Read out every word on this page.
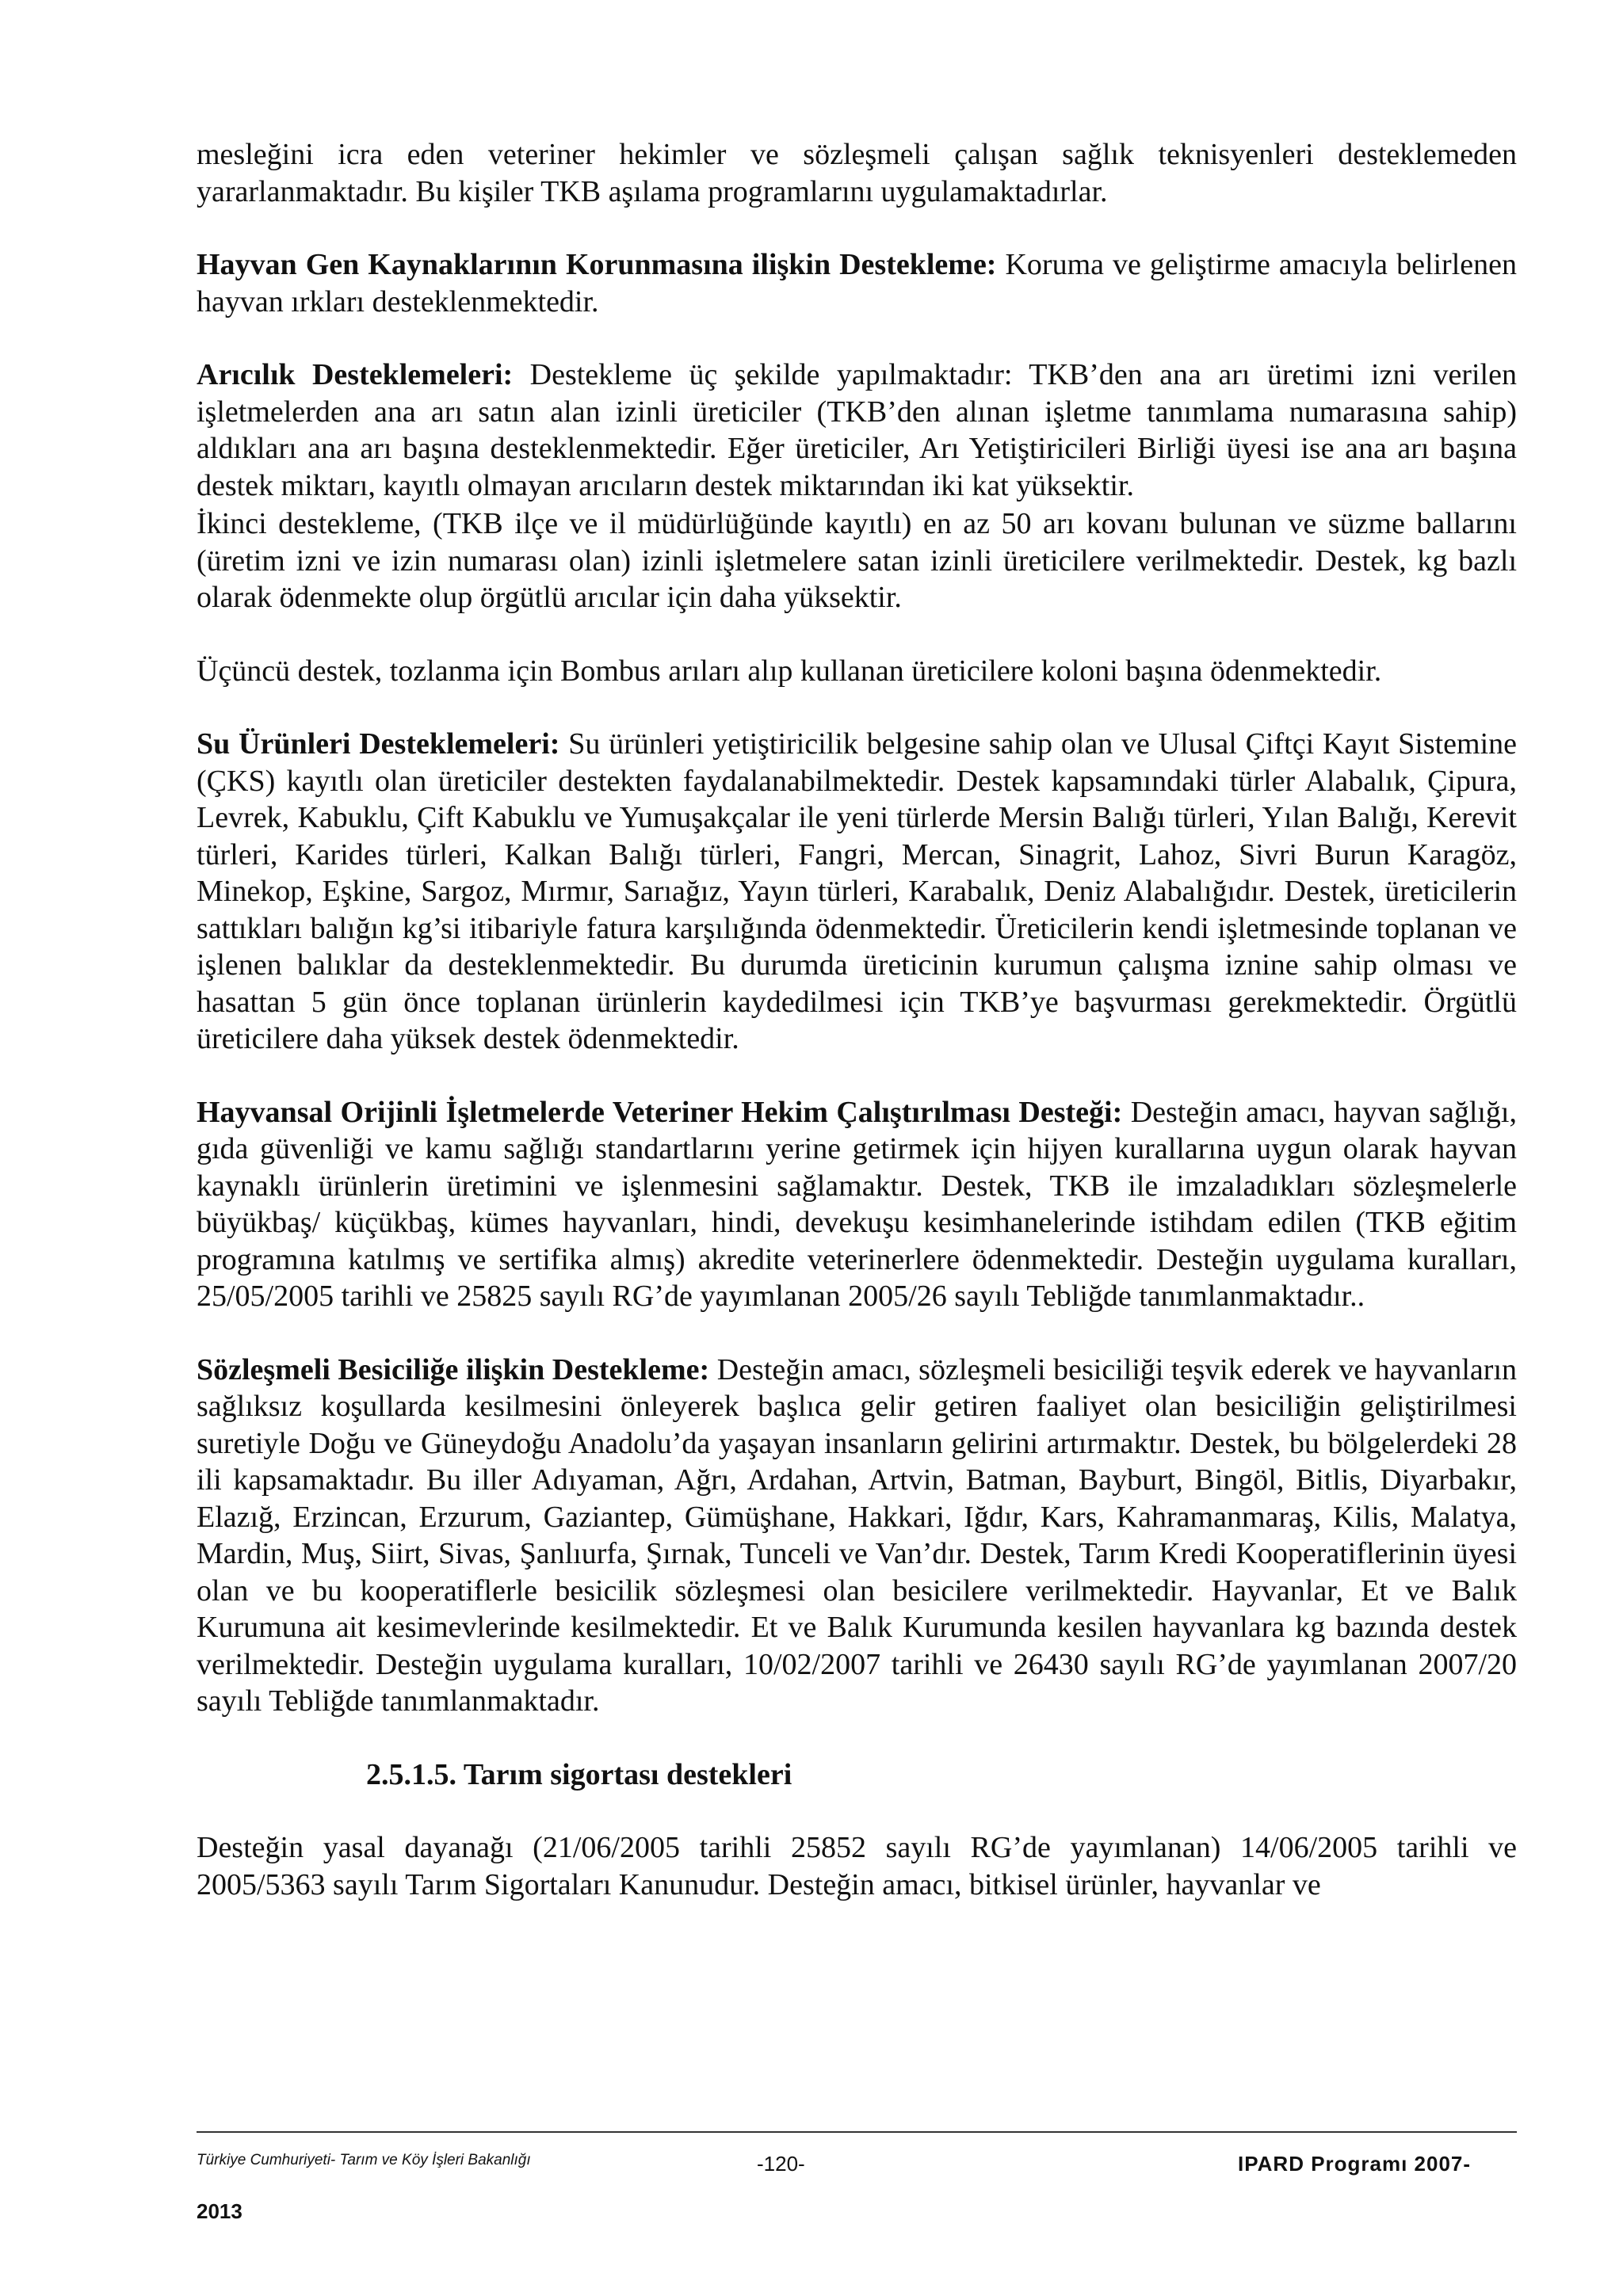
mesleğini icra eden veteriner hekimler ve sözleşmeli çalışan sağlık teknisyenleri desteklemeden yararlanmaktadır. Bu kişiler TKB aşılama programlarını uygulamaktadırlar.

Hayvan Gen Kaynaklarının Korunmasına ilişkin Destekleme: Koruma ve geliştirme amacıyla belirlenen hayvan ırkları desteklenmektedir.

Arıcılık Desteklemeleri: Destekleme üç şekilde yapılmaktadır: TKB’den ana arı üretimi izni verilen işletmelerden ana arı satın alan izinli üreticiler (TKB’den alınan işletme tanımlama numarasına sahip) aldıkları ana arı başına desteklenmektedir. Eğer üreticiler, Arı Yetiştiricileri Birliği üyesi ise ana arı başına destek miktarı, kayıtlı olmayan arıcıların destek miktarından iki kat yüksektir.

İkinci destekleme, (TKB ilçe ve il müdürlüğünde kayıtlı) en az 50 arı kovanı bulunan ve süzme ballarını (üretim izni ve izin numarası olan) izinli işletmelere satan izinli üreticilere verilmektedir. Destek, kg bazlı olarak ödenmekte olup örgütlü arıcılar için daha yüksektir.

Üçüncü destek, tozlanma için Bombus arıları alıp kullanan üreticilere koloni başına ödenmektedir.

Su Ürünleri Desteklemeleri: Su ürünleri yetiştiricilik belgesine sahip olan ve Ulusal Çiftçi Kayıt Sistemine (ÇKS) kayıtlı olan üreticiler destekten faydalanabilmektedir. Destek kapsamındaki türler Alabalık, Çipura, Levrek, Kabuklu, Çift Kabuklu ve Yumuşakçalar ile yeni türlerde Mersin Balığı türleri, Yılan Balığı, Kerevit türleri, Karides türleri, Kalkan Balığı türleri, Fangri, Mercan, Sinagrit, Lahoz, Sivri Burun Karagöz, Minekop, Eşkine, Sargoz, Mırmır, Sarıağız, Yayın türleri, Karabalık, Deniz Alabalığıdır. Destek, üreticilerin sattıkları balığın kg’si itibariyle fatura karşılığında ödenmektedir. Üreticilerin kendi işletmesinde toplanan ve işlenen balıklar da desteklenmektedir. Bu durumda üreticinin kurumun çalışma iznine sahip olması ve hasattan 5 gün önce toplanan ürünlerin kaydedilmesi için TKB’ye başvurması gerekmektedir. Örgütlü üreticilere daha yüksek destek ödenmektedir.

Hayvansal Orijinli İşletmelerde Veteriner Hekim Çalıştırılması Desteği: Desteğin amacı, hayvan sağlığı, gıda güvenliği ve kamu sağlığı standartlarını yerine getirmek için hijyen kurallarına uygun olarak hayvan kaynaklı ürünlerin üretimini ve işlenmesini sağlamaktır. Destek, TKB ile imzaladıkları sözleşmelerle büyükbaş/ küçükbaş, kümes hayvanları, hindi, devekuşu kesimhanelerinde istihdam edilen (TKB eğitim programına katılmış ve sertifika almış) akredite veterinerlere ödenmektedir. Desteğin uygulama kuralları, 25/05/2005 tarihli ve 25825 sayılı RG’de yayımlanan 2005/26 sayılı Tebliğde tanımlanmaktadır..

Sözleşmeli Besiciliğe ilişkin Destekleme: Desteğin amacı, sözleşmeli besiciliği teşvik ederek ve hayvanların sağlıksız koşullarda kesilmesini önleyerek başlıca gelir getiren faaliyet olan besiciliğin geliştirilmesi suretiyle Doğu ve Güneydoğu Anadolu’da yaşayan insanların gelirini artırmaktır. Destek, bu bölgelerdeki 28 ili kapsamaktadır. Bu iller Adıyaman, Ağrı, Ardahan, Artvin, Batman, Bayburt, Bingöl, Bitlis, Diyarbakır, Elazığ, Erzincan, Erzurum, Gaziantep, Gümüşhane, Hakkari, Iğdır, Kars, Kahramanmaraş, Kilis, Malatya, Mardin, Muş, Siirt, Sivas, Şanlıurfa, Şırnak, Tunceli ve Van’dır. Destek, Tarım Kredi Kooperatiflerinin üyesi olan ve bu kooperatiflerle besicilik sözleşmesi olan besicilere verilmektedir. Hayvanlar, Et ve Balık Kurumuna ait kesimevlerinde kesilmektedir. Et ve Balık Kurumunda kesilen hayvanlara kg bazında destek verilmektedir. Desteğin uygulama kuralları, 10/02/2007 tarihli ve 26430 sayılı RG’de yayımlanan 2007/20 sayılı Tebliğde tanımlanmaktadır.

2.5.1.5. Tarım sigortası destekleri

Desteğin yasal dayanağı (21/06/2005 tarihli 25852 sayılı RG’de yayımlanan) 14/06/2005 tarihli ve 2005/5363 sayılı Tarım Sigortaları Kanunudur. Desteğin amacı, bitkisel ürünler, hayvanlar ve

Türkiye Cumhuriyeti- Tarım ve Köy İşleri Bakanlığı	-120-	IPARD Programı 2007-
2013
